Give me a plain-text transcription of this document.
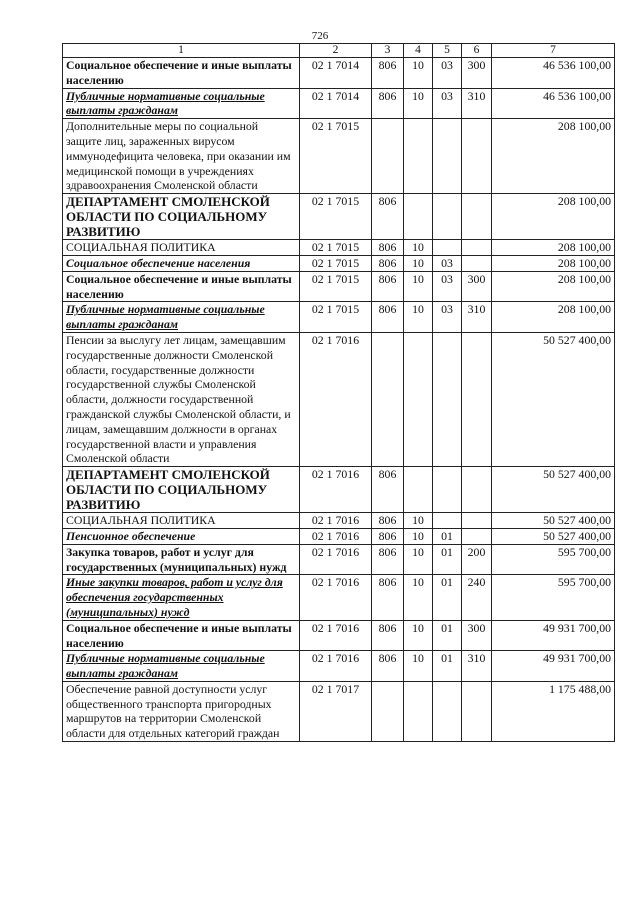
726
1	2	3	4	5	6	7
Социальное обеспечение и иные выплаты населению	02 1 7014	806	10	03	300	46 536 100,00
Публичные нормативные социальные выплаты гражданам	02 1 7014	806	10	03	310	46 536 100,00
Дополнительные меры по социальной защите лиц, зараженных вирусом иммунодефицита человека, при оказании им медицинской помощи в учреждениях здравоохранения Смоленской области	02 1 7015					208 100,00
ДЕПАРТАМЕНТ СМОЛЕНСКОЙ ОБЛАСТИ ПО СОЦИАЛЬНОМУ РАЗВИТИЮ	02 1 7015	806				208 100,00
СОЦИАЛЬНАЯ ПОЛИТИКА	02 1 7015	806	10			208 100,00
Социальное обеспечение населения	02 1 7015	806	10	03		208 100,00
Социальное обеспечение и иные выплаты населению	02 1 7015	806	10	03	300	208 100,00
Публичные нормативные социальные выплаты гражданам	02 1 7015	806	10	03	310	208 100,00
Пенсии за выслугу лет лицам, замещавшим государственные должности Смоленской области, государственные должности государственной службы Смоленской области, должности государственной гражданской службы Смоленской области, и лицам, замещавшим должности в органах государственной власти и управления Смоленской области	02 1 7016					50 527 400,00
ДЕПАРТАМЕНТ СМОЛЕНСКОЙ ОБЛАСТИ ПО СОЦИАЛЬНОМУ РАЗВИТИЮ	02 1 7016	806				50 527 400,00
СОЦИАЛЬНАЯ ПОЛИТИКА	02 1 7016	806	10			50 527 400,00
Пенсионное обеспечение	02 1 7016	806	10	01		50 527 400,00
Закупка товаров, работ и услуг для государственных (муниципальных) нужд	02 1 7016	806	10	01	200	595 700,00
Иные закупки товаров, работ и услуг для обеспечения государственных (муниципальных) нужд	02 1 7016	806	10	01	240	595 700,00
Социальное обеспечение и иные выплаты населению	02 1 7016	806	10	01	300	49 931 700,00
Публичные нормативные социальные выплаты гражданам	02 1 7016	806	10	01	310	49 931 700,00
Обеспечение равной доступности услуг общественного транспорта пригородных маршрутов на территории Смоленской области для отдельных категорий граждан	02 1 7017					1 175 488,00
